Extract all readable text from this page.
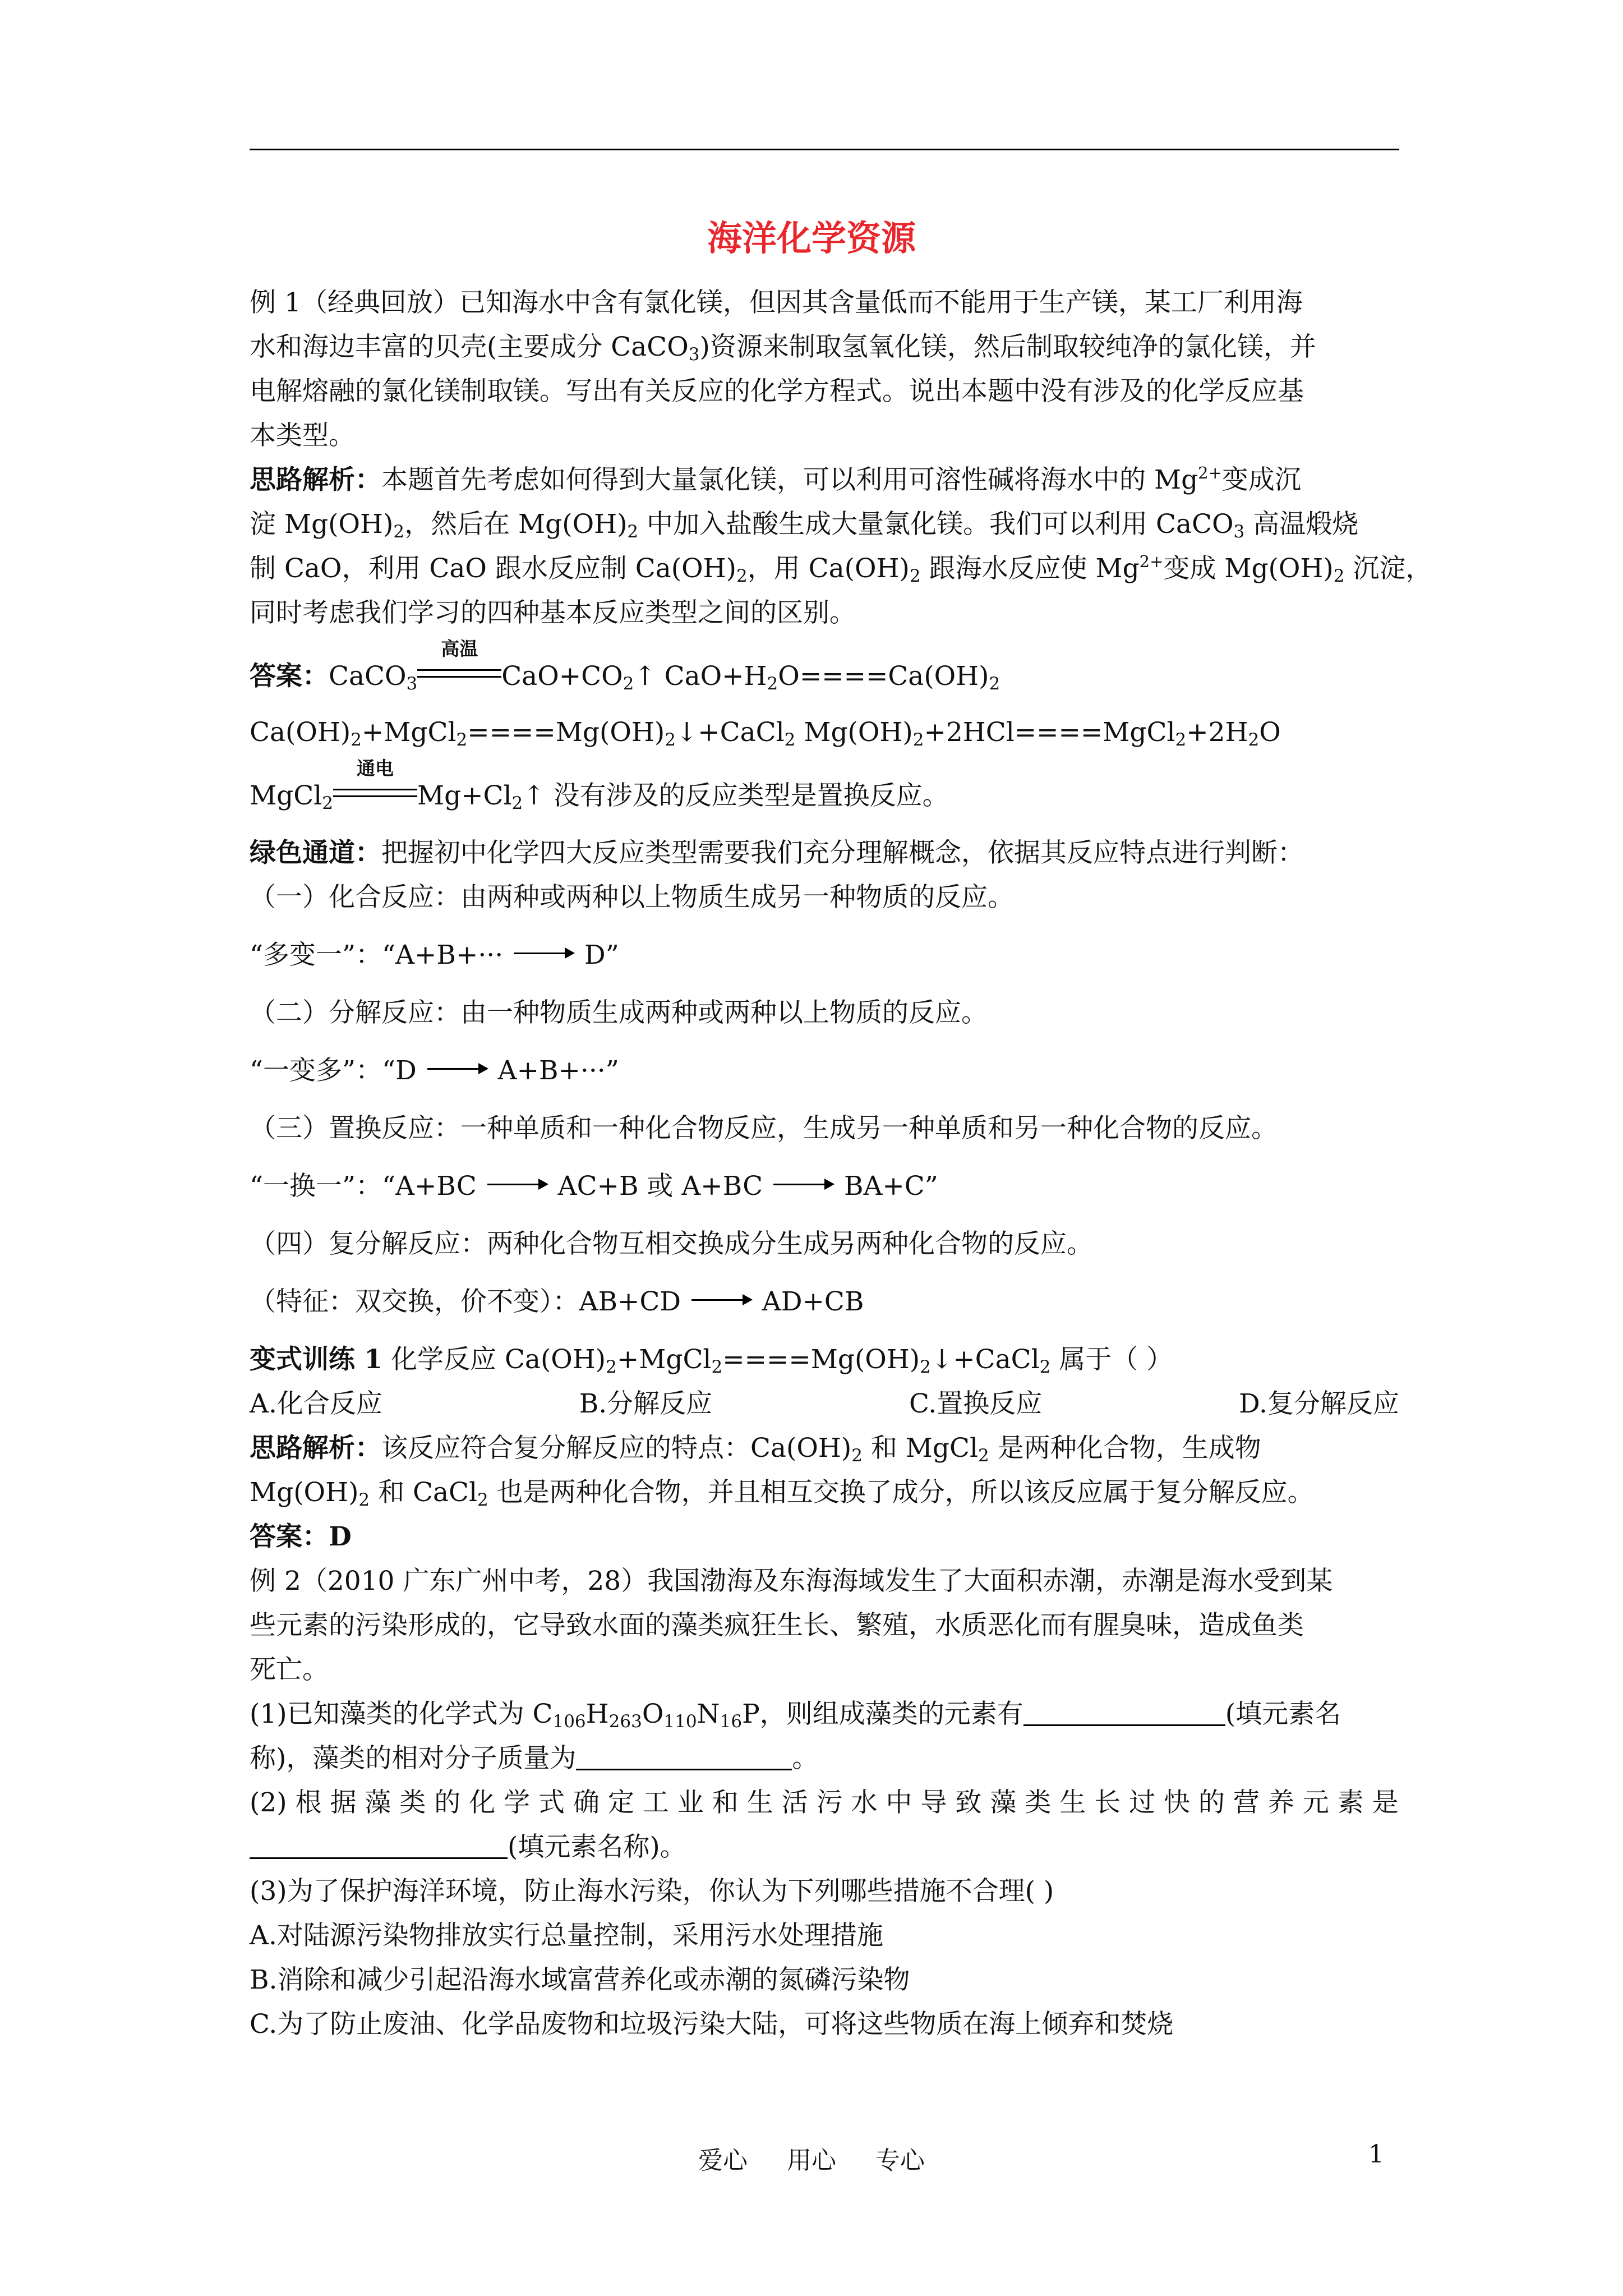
海洋化学资源

例 1（经典回放）已知海水中含有氯化镁，但因其含量低而不能用于生产镁，某工厂利用海

水和海边丰富的贝壳(主要成分 CaCO$_3$)资源来制取氢氧化镁，然后制取较纯净的氯化镁，并

电解熔融的氯化镁制取镁。写出有关反应的化学方程式。说出本题中没有涉及的化学反应基

本类型。

思路解析：本题首先考虑如何得到大量氯化镁，可以利用可溶性碱将海水中的 $Mg^{2+}$变成沉

淀 $Mg(OH)_2$，然后在 $Mg(OH)_2$ 中加入盐酸生成大量氯化镁。我们可以利用 CaCO$_3$ 高温煅烧

制 CaO，利用 CaO 跟水反应制 $Ca(OH)_2$，用 $Ca(OH)_2$ 跟海水反应使 $Mg^{2+}$变成 $Mg(OH)_2$ 沉淀，

同时考虑我们学习的四种基本反应类型之间的区别。

答案：CaCO$_3$
高温
$CaO+CO_2↑$ $CaO+H_2O====Ca(OH)_2$

$Ca(OH)_2+MgCl_2====Mg(OH)_2↓+CaCl_2$ $Mg(OH)_2+2HCl====MgCl_2+2H_2O$

MgCl$_2$
通电
$Mg+Cl_2↑$ 没有涉及的反应类型是置换反应。

绿色通道：把握初中化学四大反应类型需要我们充分理解概念，依据其反应特点进行判断：

（一）化合反应：由两种或两种以上物质生成另一种物质的反应。

“多变一”：“A+B+···  D”

（二）分解反应：由一种物质生成两种或两种以上物质的反应。

“一变多”：“D  A+B+···”

（三）置换反应：一种单质和一种化合物反应，生成另一种单质和另一种化合物的反应。

“一换一”：“A+BC  AC+B 或 A+BC  BA+C”

（四）复分解反应：两种化合物互相交换成分生成另两种化合物的反应。

（特征：双交换，价不变）：AB+CD  AD+CB

变式训练 1 化学反应 $Ca(OH)_2+MgCl_2====Mg(OH)_2↓+CaCl_2$ 属于（ ）

A.化合反应	B.分解反应	C.置换反应	D.复分解反应

思路解析：该反应符合复分解反应的特点：$Ca(OH)_2$ 和 MgCl$_2$ 是两种化合物，生成物

$Mg(OH)_2$ 和 CaCl$_2$ 也是两种化合物，并且相互交换了成分，所以该反应属于复分解反应。

答案：D

例 2（2010 广东广州中考，28）我国渤海及东海海域发生了大面积赤潮，赤潮是海水受到某

些元素的污染形成的，它导致水面的藻类疯狂生长、繁殖，水质恶化而有腥臭味，造成鱼类

死亡。

(1)已知藻类的化学式为 $C_{106}H_{263}O_{110}N_{16}P$，则组成藻类的元素有	(填元素名

称)，藻类的相对分子质量为	。

(2) 根 据 藻 类 的 化 学 式 确 定 工 业 和 生 活 污 水 中 导 致 藻 类 生 长 过 快 的 营 养 元 素 是

(填元素名称)。

(3)为了保护海洋环境，防止海水污染，你认为下列哪些措施不合理( )

A.对陆源污染物排放实行总量控制，采用污水处理措施

B.消除和减少引起沿海水域富营养化或赤潮的氮磷污染物

C.为了防止废油、化学品废物和垃圾污染大陆，可将这些物质在海上倾弃和焚烧

爱心     用心     专心	1
